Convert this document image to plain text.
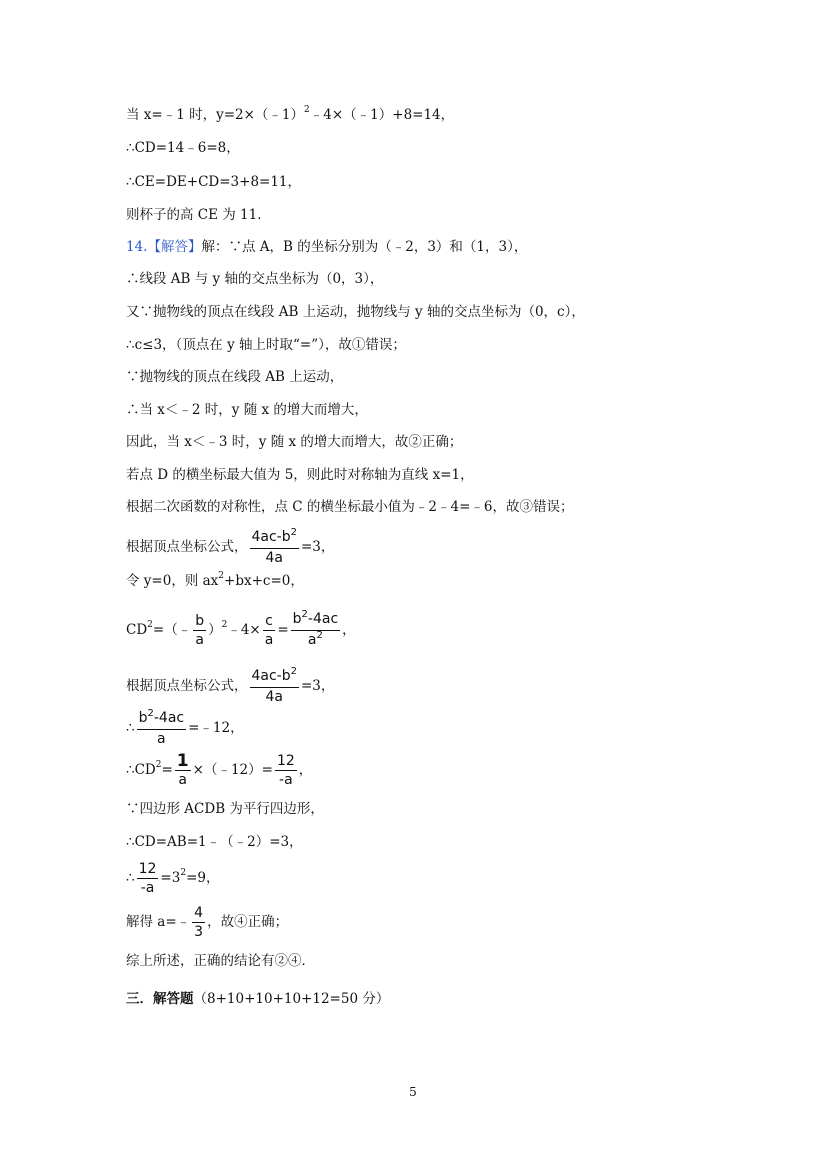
当 x=﹣1 时，y=2×（﹣1） 2 ﹣4×（﹣1）+8=14，
∴CD=14﹣6=8，
∴CE=DE+CD=3+8=11，
则杯子的高 CE 为 11．
14. 【解答】 解：∵点 A，B 的坐标分别为（﹣2，3）和（1，3），
∴线段 AB 与 y 轴的交点坐标为（0，3），
又∵抛物线的顶点在线段 AB 上运动，抛物线与 y 轴的交点坐标为（0，c），
∴c≤3，（顶点在 y 轴上时取“=”），故①错误；
∵抛物线的顶点在线段 AB 上运动，
∴当 x＜﹣2 时，y 随 x 的增大而增大，
因此，当 x＜﹣3 时，y 随 x 的增大而增大，故②正确；
若点 D 的横坐标最大值为 5，则此时对称轴为直线 x=1，
根据二次函数的对称性，点 C 的横坐标最小值为﹣2﹣4=﹣6，故③错误；
根据顶点坐标公式， $\frac{4ac-b^2}{4a} =3$，
令 y=0，则 ax 2 +bx+c=0，
CD 2 =（﹣ $\frac{b}{a}$ ） 2 ﹣4× $\frac{c}{a} = \frac{b^2-4ac}{a^2}$ ，
根据顶点坐标公式， $\frac{4ac-b^2}{4a} =3$，
∴ $\frac{b^2-4ac}{a}$ =﹣12，
∴CD $2 = \frac{1}{a}$ ×（﹣12）= $\frac{12}{-a}$ ，
∵四边形 ACDB 为平行四边形，
∴CD=AB=1﹣（﹣2）=3，
∴ $\frac{12}{-a} =3$ 2 =9，
解得 a=﹣ $\frac{4}{3}$ ，故④正确；
综上所述，正确的结论有②④．
三．解答题 （8+10+10+10+12=50 分）
5
